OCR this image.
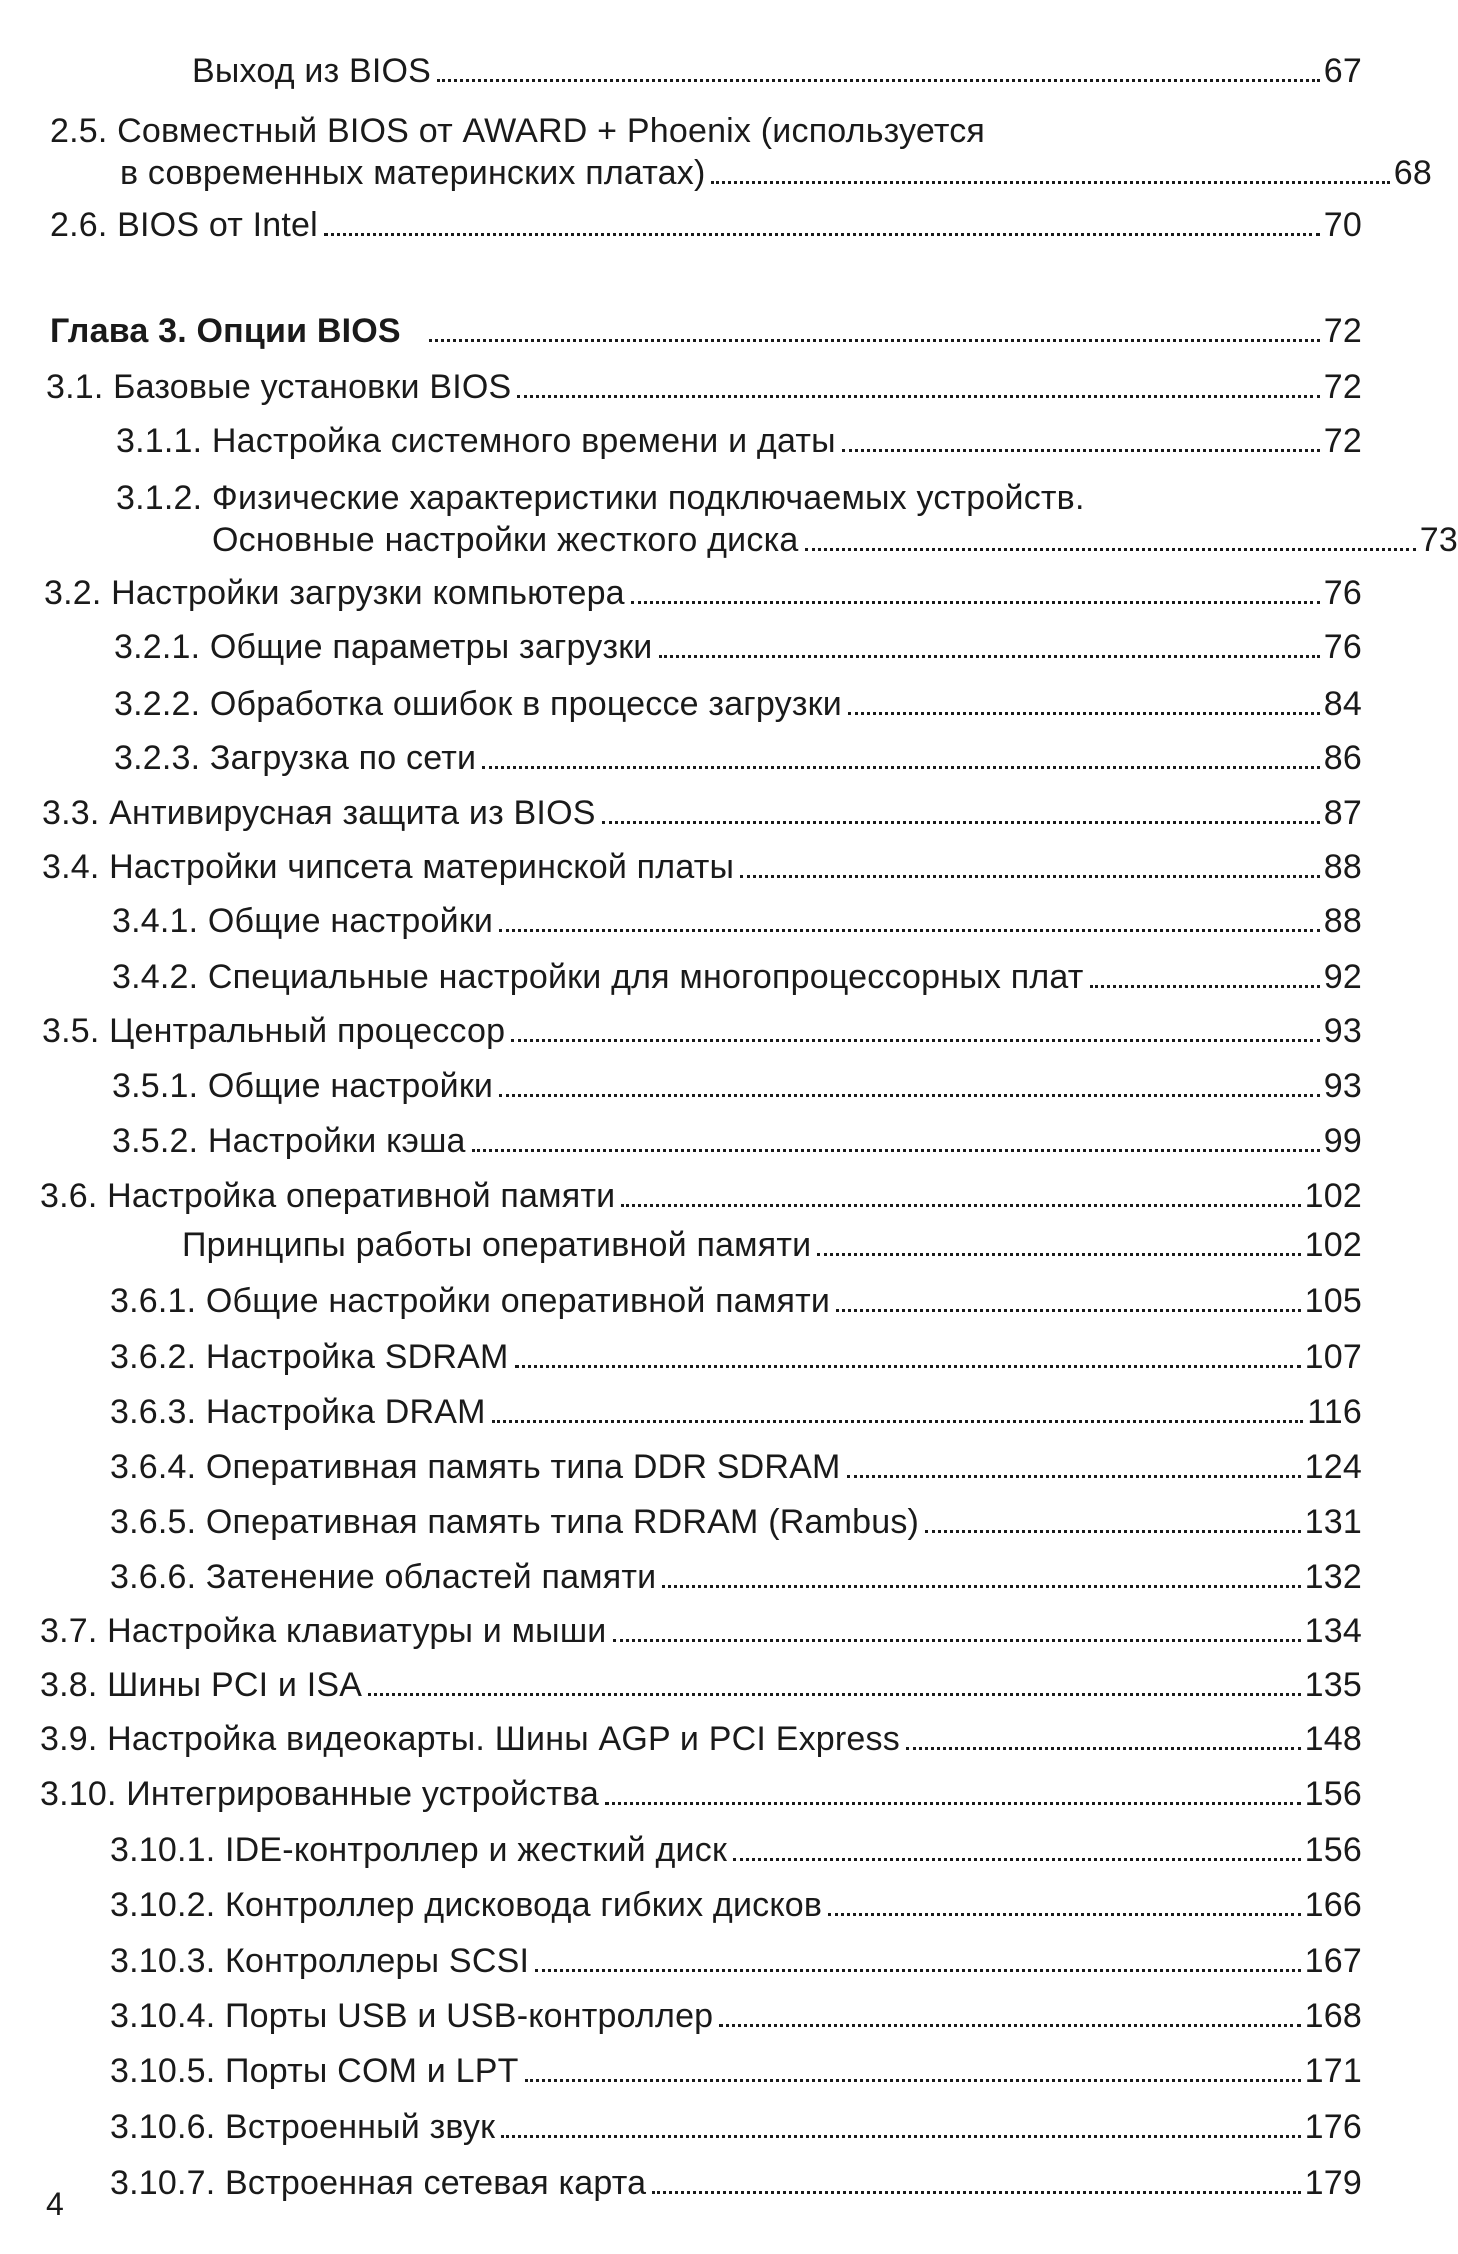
Выход из BIOS	67
2.5. Совместный BIOS от AWARD + Phoenix (используется
в современных материнских платах)	68
2.6. BIOS от Intel	70
Глава 3. Опции BIOS	72
3.1. Базовые установки BIOS	72
3.1.1. Настройка системного времени и даты	72
3.1.2. Физические характеристики подключаемых устройств.
Основные настройки жесткого диска	73
3.2. Настройки загрузки компьютера	76
3.2.1. Общие параметры загрузки	76
3.2.2. Обработка ошибок в процессе загрузки	84
3.2.3. Загрузка по сети	86
3.3. Антивирусная защита из BIOS	87
3.4. Настройки чипсета материнской платы	88
3.4.1. Общие настройки	88
3.4.2. Специальные настройки для многопроцессорных плат	92
3.5. Центральный процессор	93
3.5.1. Общие настройки	93
3.5.2. Настройки кэша	99
3.6. Настройка оперативной памяти	102
Принципы работы оперативной памяти	102
3.6.1. Общие настройки оперативной памяти	105
3.6.2. Настройка SDRAM	107
3.6.3. Настройка DRAM	116
3.6.4. Оперативная память типа DDR SDRAM	124
3.6.5. Оперативная память типа RDRAM (Rambus)	131
3.6.6. Затенение областей памяти	132
3.7. Настройка клавиатуры и мыши	134
3.8. Шины PCI и ISA	135
3.9. Настройка видеокарты. Шины AGP и PCI Express	148
3.10. Интегрированные устройства	156
3.10.1. IDE-контроллер и жесткий диск	156
3.10.2. Контроллер дисковода гибких дисков	166
3.10.3. Контроллеры SCSI	167
3.10.4. Порты USB и USB-контроллер	168
3.10.5. Порты COM и LPT	171
3.10.6. Встроенный звук	176
3.10.7. Встроенная сетевая карта	179
4
